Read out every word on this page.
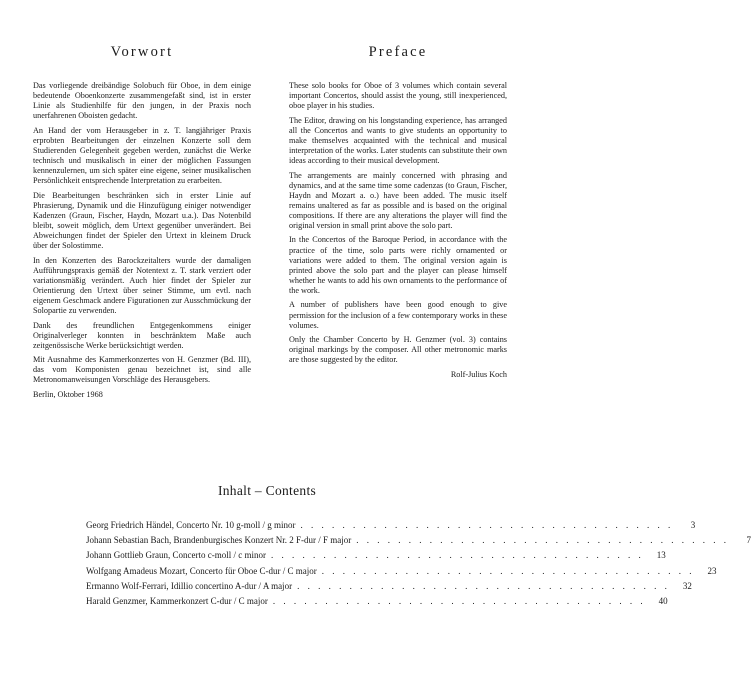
Vorwort

Das vorliegende dreibändige Solobuch für Oboe, in dem einige bedeutende Oboenkonzerte zusammengefaßt sind, ist in erster Linie als Studienhilfe für den jungen, in der Praxis noch unerfahrenen Oboisten gedacht.

An Hand der vom Herausgeber in z. T. langjähriger Praxis erprobten Bearbeitungen der einzelnen Konzerte soll dem Studierenden Gelegenheit gegeben werden, zunächst die Werke technisch und musikalisch in einer der möglichen Fassungen kennenzulernen, um sich später eine eigene, seiner musikalischen Persönlichkeit entsprechende Interpretation zu erarbeiten.

Die Bearbeitungen beschränken sich in erster Linie auf Phrasierung, Dynamik und die Hinzufügung einiger notwendiger Kadenzen (Graun, Fischer, Haydn, Mozart u.a.). Das Notenbild bleibt, soweit möglich, dem Urtext gegenüber unverändert. Bei Abweichungen findet der Spieler den Urtext in kleinem Druck über der Solostimme.

In den Konzerten des Barockzeitalters wurde der damaligen Aufführungspraxis gemäß der Notentext z. T. stark verziert oder variationsmäßig verändert. Auch hier findet der Spieler zur Orientierung den Urtext über seiner Stimme, um evtl. nach eigenem Geschmack andere Figurationen zur Ausschmückung der Solopartie zu verwenden.

Dank des freundlichen Entgegenkommens einiger Originalverleger konnten in beschränktem Maße auch zeitgenössische Werke berücksichtigt werden.

Mit Ausnahme des Kammerkonzertes von H. Genzmer (Bd. III), das vom Komponisten genau bezeichnet ist, sind alle Metronomanweisungen Vorschläge des Herausgebers.

Berlin, Oktober 1968
Preface

These solo books for Oboe of 3 volumes which contain several important Concertos, should assist the young, still inexperienced, oboe player in his studies.

The Editor, drawing on his longstanding experience, has arranged all the Concertos and wants to give students an opportunity to make themselves acquainted with the technical and musical interpretation of the works. Later students can substitute their own ideas according to their musical development.

The arrangements are mainly concerned with phrasing and dynamics, and at the same time some cadenzas (to Graun, Fischer, Haydn and Mozart a. o.) have been added. The music itself remains unaltered as far as possible and is based on the original compositions. If there are any alterations the player will find the original version in small print above the solo part.

In the Concertos of the Baroque Period, in accordance with the practice of the time, solo parts were richly ornamented or variations were added to them. The original version again is printed above the solo part and the player can please himself whether he wants to add his own ornaments to the performance of the work.

A number of publishers have been good enough to give permission for the inclusion of a few contemporary works in these volumes.

Only the Chamber Concerto by H. Genzmer (vol. 3) contains original markings by the composer. All other metronomic marks are those suggested by the editor.

Rolf-Julius Koch
Inhalt – Contents
Georg Friedrich Händel, Concerto Nr. 10 g-moll / g minor . . . . . . . . . . . . . . . . . . . . . . . . . . . . . . . . . . . .	3
Johann Sebastian Bach, Brandenburgisches Konzert Nr. 2 F-dur / F major . . . . . . . . . . . . . . . . . . . . . . . . . . . . . . . . . . . .	7
Johann Gottlieb Graun, Concerto c-moll / c minor . . . . . . . . . . . . . . . . . . . . . . . . . . . . . . . . . . . .	13
Wolfgang Amadeus Mozart, Concerto für Oboe C-dur / C major . . . . . . . . . . . . . . . . . . . . . . . . . . . . . . . . . . . .	23
Ermanno Wolf-Ferrari, Idillio concertino A-dur / A major . . . . . . . . . . . . . . . . . . . . . . . . . . . . . . . . . . . .	32
Harald Genzmer, Kammerkonzert C-dur / C major . . . . . . . . . . . . . . . . . . . . . . . . . . . . . . . . . . . .	40
